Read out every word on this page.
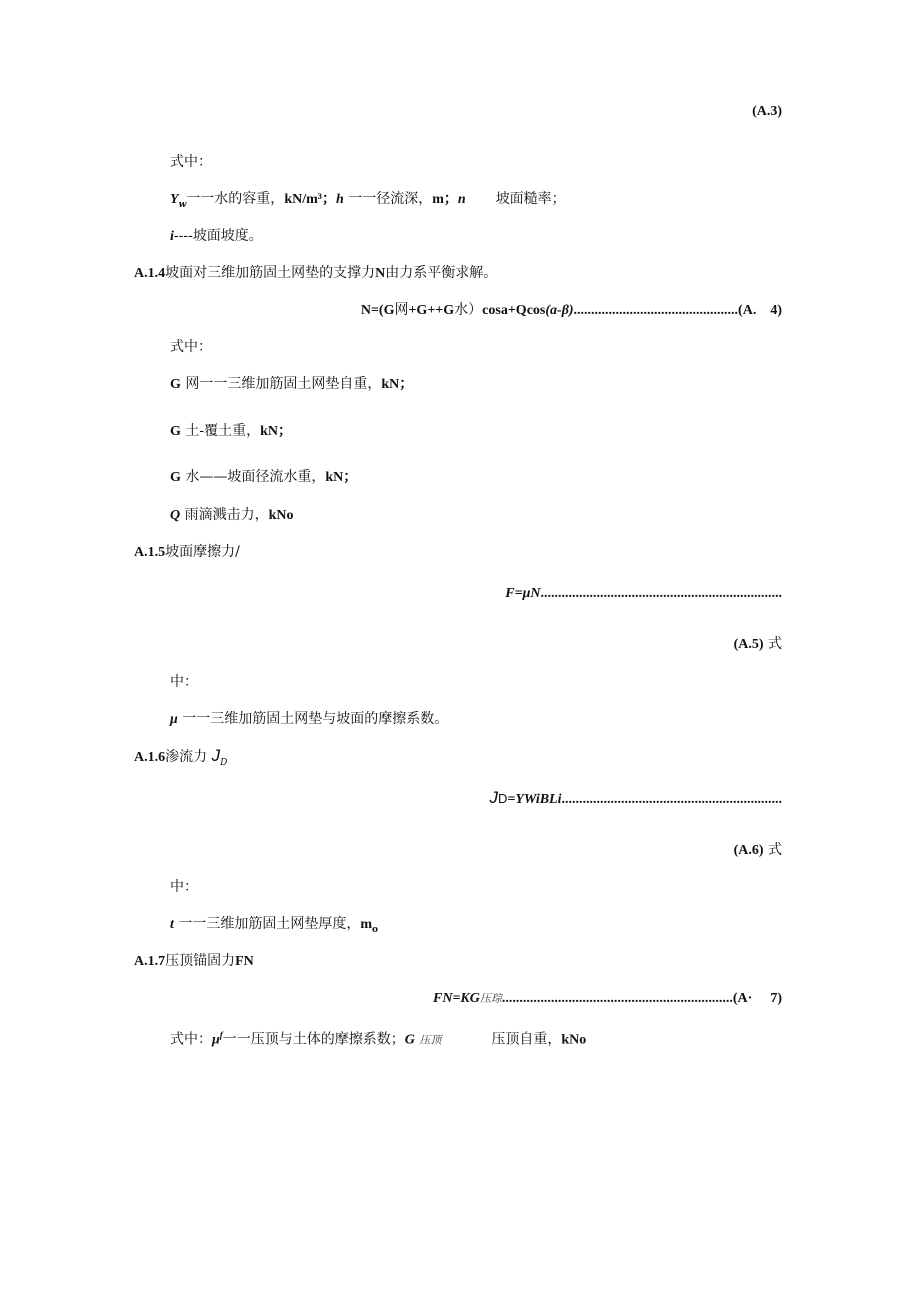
(A.3)
式中：
$Y_w$一一水的容重，kN/m³；h 一一径流深，m；n 坡面糙率；
i----坡面坡度。
A.1.4坡面对三维加筋固土网垫的支撑力N由力系平衡求解。
N=(G网+G++G水）cosa+Qcos(a-β)...............................................(A. 4)
式中：
G 网一一三维加筋固土网垫自重，kN；
G 土-覆土重，kN；
G 水——坡面径流水重，kN；
Q 雨滴溅击力，kNo
A.1.5坡面摩擦力/
F=μN.....................................................................
(A.5) 式
中：
μ 一一三维加筋固土网垫与坡面的摩擦系数。
A.1.6渗流力 $J_D$
JD=YWiBLi...............................................................
(A.6) 式
中：
t 一一三维加筋固土网垫厚度，$m_o$
A.1.7压顶锚固力FN
FN=KG压琮..................................................................(A· 7)
式中：$\mu^f$一一压顶与土体的摩擦系数；G 压顶	压顶自重，kNo
